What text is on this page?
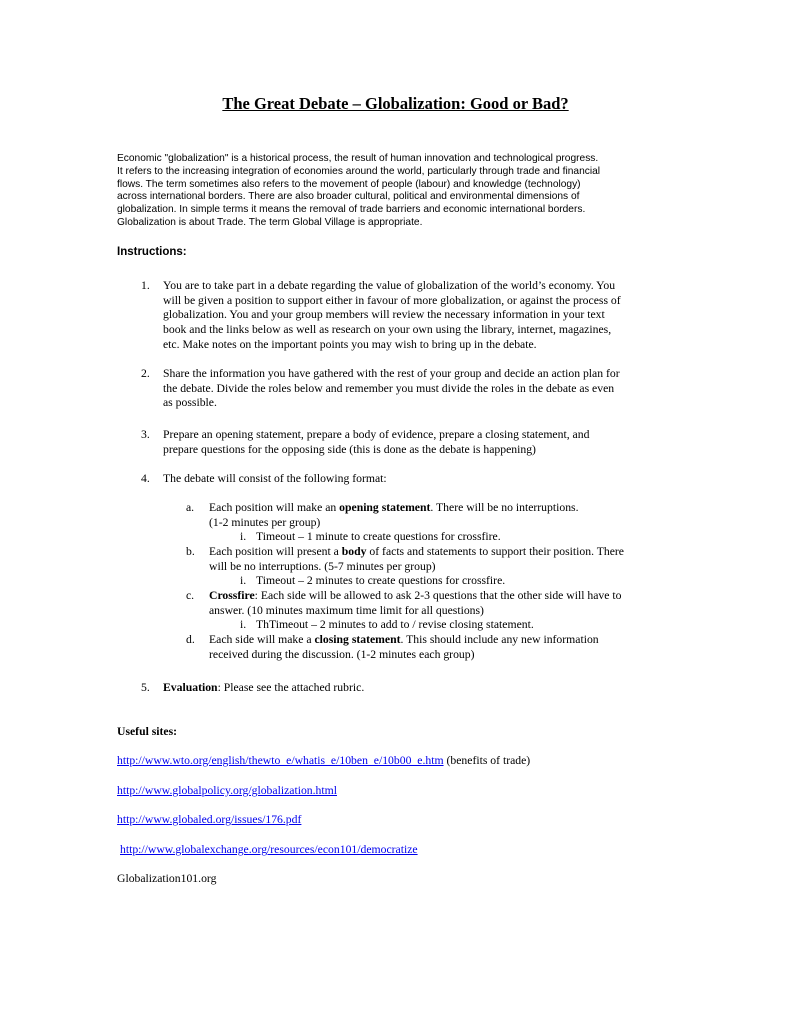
The Great Debate – Globalization: Good or Bad?
Economic "globalization" is a historical process, the result of human innovation and technological progress.
It refers to the increasing integration of economies around the world, particularly through trade and financial
flows. The term sometimes also refers to the movement of people (labour) and knowledge (technology)
across international borders. There are also broader cultural, political and environmental dimensions of
globalization. In simple terms it means the removal of trade barriers and economic international borders.
Globalization is about Trade. The term Global Village is appropriate.
Instructions:
1. You are to take part in a debate regarding the value of globalization of the world’s economy. You
will be given a position to support either in favour of more globalization, or against the process of
globalization. You and your group members will review the necessary information in your text
book and the links below as well as research on your own using the library, internet, magazines,
etc. Make notes on the important points you may wish to bring up in the debate.
2. Share the information you have gathered with the rest of your group and decide an action plan for
the debate. Divide the roles below and remember you must divide the roles in the debate as even
as possible.
3. Prepare an opening statement, prepare a body of evidence, prepare a closing statement, and
prepare questions for the opposing side (this is done as the debate is happening)
4. The debate will consist of the following format:
a. Each position will make an opening statement. There will be no interruptions.
(1-2 minutes per group)
i. Timeout – 1 minute to create questions for crossfire.
b. Each position will present a body of facts and statements to support their position. There
will be no interruptions. (5-7 minutes per group)
i. Timeout – 2 minutes to create questions for crossfire.
c. Crossfire: Each side will be allowed to ask 2-3 questions that the other side will have to
answer. (10 minutes maximum time limit for all questions)
i. ThTimeout – 2 minutes to add to / revise closing statement.
d. Each side will make a closing statement. This should include any new information
received during the discussion. (1-2 minutes each group)
5. Evaluation: Please see the attached rubric.
Useful sites:
http://www.wto.org/english/thewto_e/whatis_e/10ben_e/10b00_e.htm (benefits of trade)
http://www.globalpolicy.org/globalization.html
http://www.globaled.org/issues/176.pdf
http://www.globalexchange.org/resources/econ101/democratize
Globalization101.org
